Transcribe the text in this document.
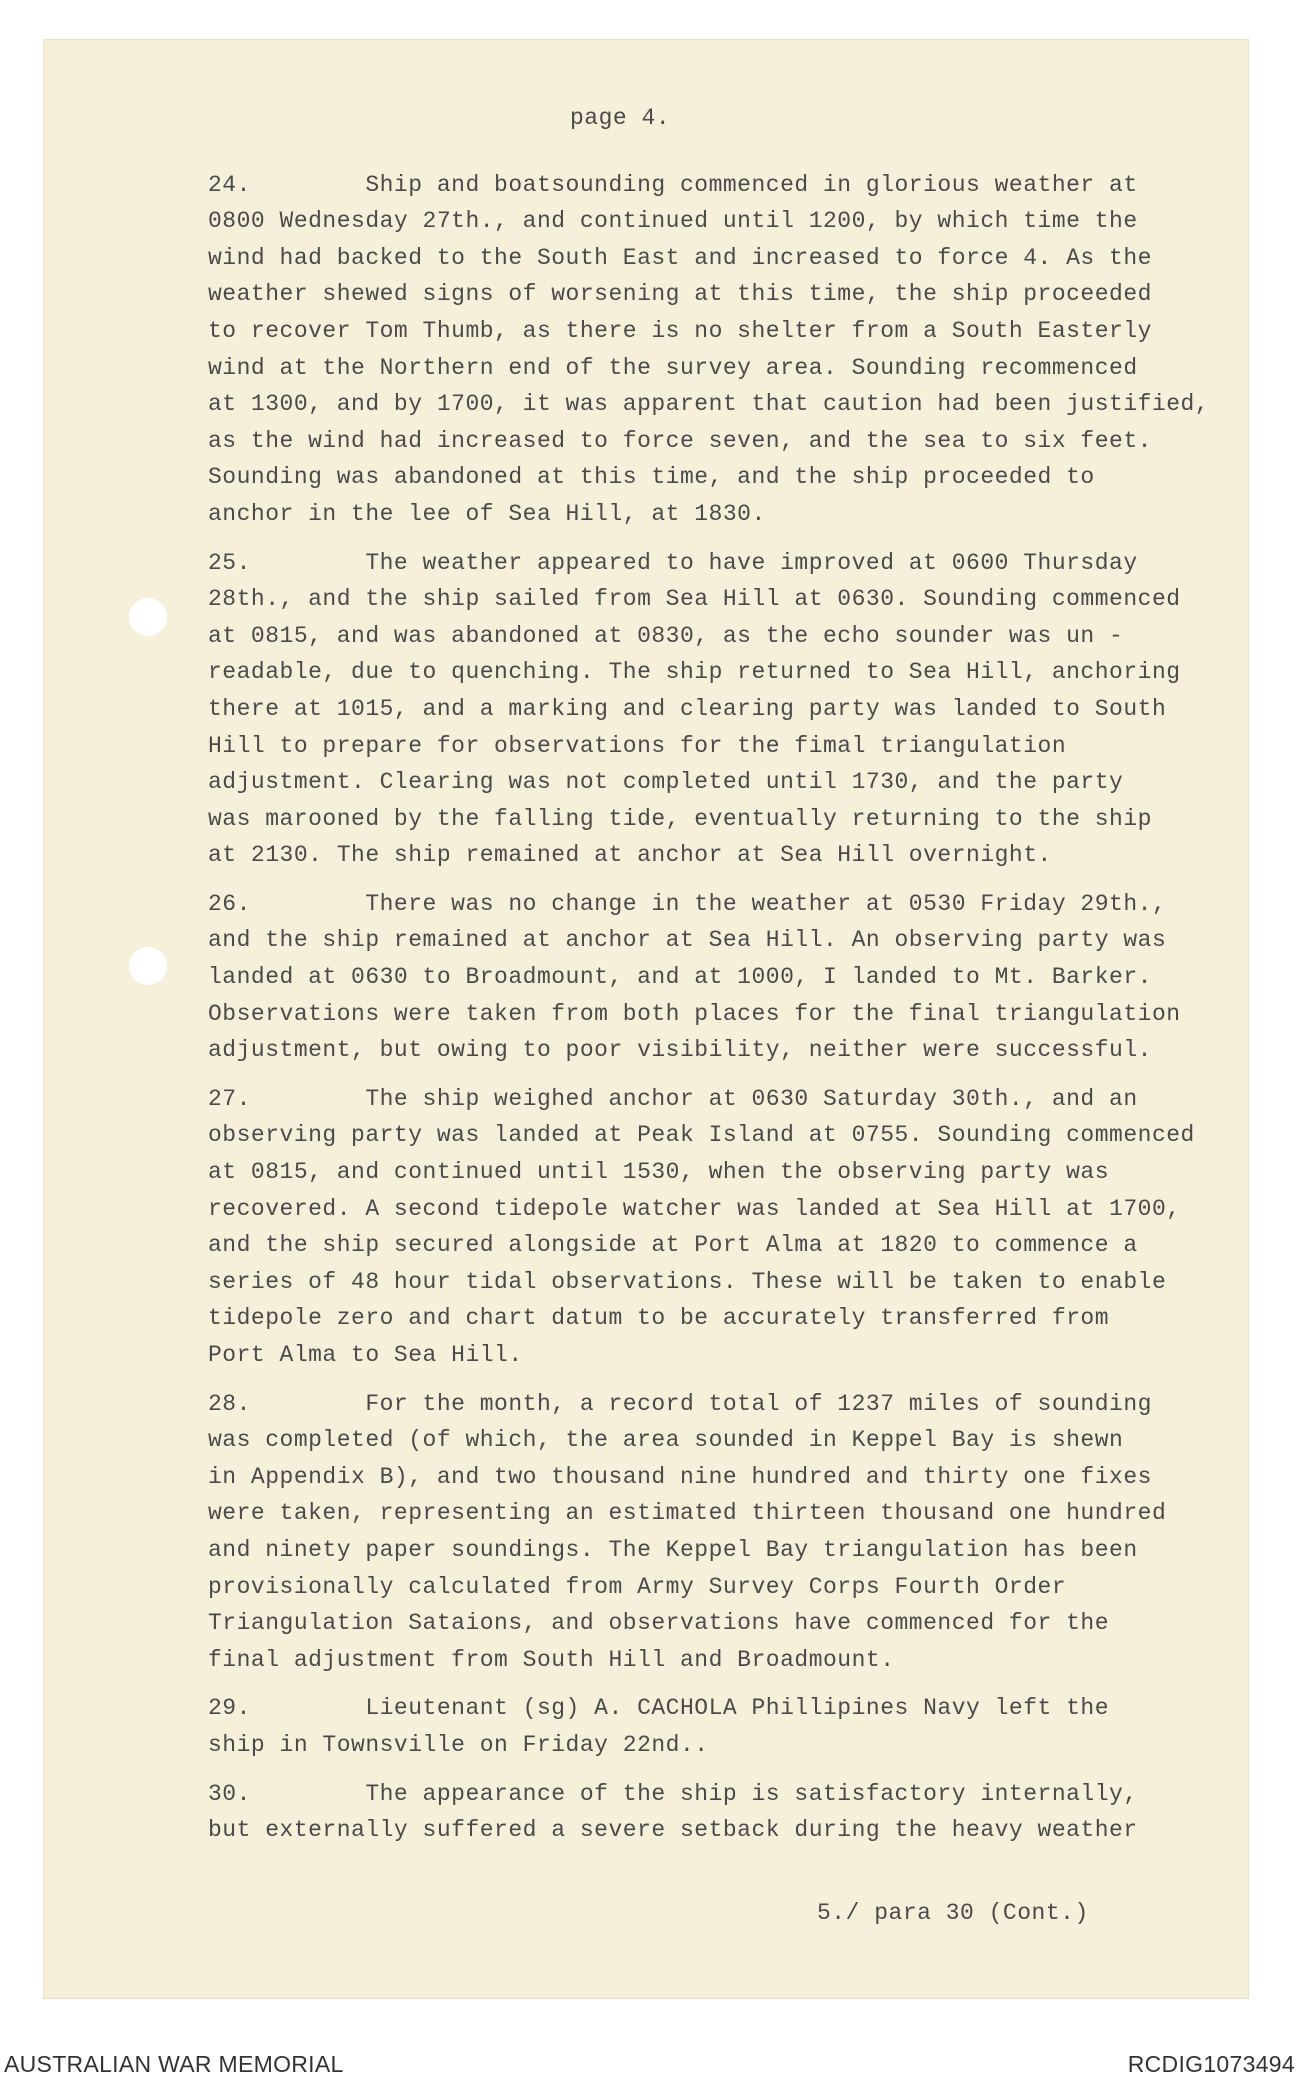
page 4.
24.        Ship and boatsounding commenced in glorious weather at
0800 Wednesday 27th., and continued until 1200, by which time the
wind had backed to the South East and increased to force 4. As the
weather shewed signs of worsening at this time, the ship proceeded
to recover Tom Thumb, as there is no shelter from a South Easterly
wind at the Northern end of the survey area. Sounding recommenced
at 1300, and by 1700, it was apparent that caution had been justified,
as the wind had increased to force seven, and the sea to six feet.
Sounding was abandoned at this time, and the ship proceeded to
anchor in the lee of Sea Hill, at 1830.
25.        The weather appeared to have improved at 0600 Thursday
28th., and the ship sailed from Sea Hill at 0630. Sounding commenced
at 0815, and was abandoned at 0830, as the echo sounder was un -
readable, due to quenching. The ship returned to Sea Hill, anchoring
there at 1015, and a marking and clearing party was landed to South
Hill to prepare for observations for the fimal triangulation
adjustment. Clearing was not completed until 1730, and the party
was marooned by the falling tide, eventually returning to the ship
at 2130. The ship remained at anchor at Sea Hill overnight.
26.        There was no change in the weather at 0530 Friday 29th.,
and the ship remained at anchor at Sea Hill. An observing party was
landed at 0630 to Broadmount, and at 1000, I landed to Mt. Barker.
Observations were taken from both places for the final triangulation
adjustment, but owing to poor visibility, neither were successful.
27.        The ship weighed anchor at 0630 Saturday 30th., and an
observing party was landed at Peak Island at 0755. Sounding commenced
at 0815, and continued until 1530, when the observing party was
recovered. A second tidepole watcher was landed at Sea Hill at 1700,
and the ship secured alongside at Port Alma at 1820 to commence a
series of 48 hour tidal observations. These will be taken to enable
tidepole zero and chart datum to be accurately transferred from
Port Alma to Sea Hill.
28.        For the month, a record total of 1237 miles of sounding
was completed (of which, the area sounded in Keppel Bay is shewn
in Appendix B), and two thousand nine hundred and thirty one fixes
were taken, representing an estimated thirteen thousand one hundred
and ninety paper soundings. The Keppel Bay triangulation has been
provisionally calculated from Army Survey Corps Fourth Order
Triangulation Sataions, and observations have commenced for the
final adjustment from South Hill and Broadmount.
29.        Lieutenant (sg) A. CACHOLA Phillipines Navy left the
ship in Townsville on Friday 22nd..
30.        The appearance of the ship is satisfactory internally,
but externally suffered a severe setback during the heavy weather
5./ para 30 (Cont.)
AUSTRALIAN WAR MEMORIAL	RCDIG1073494
